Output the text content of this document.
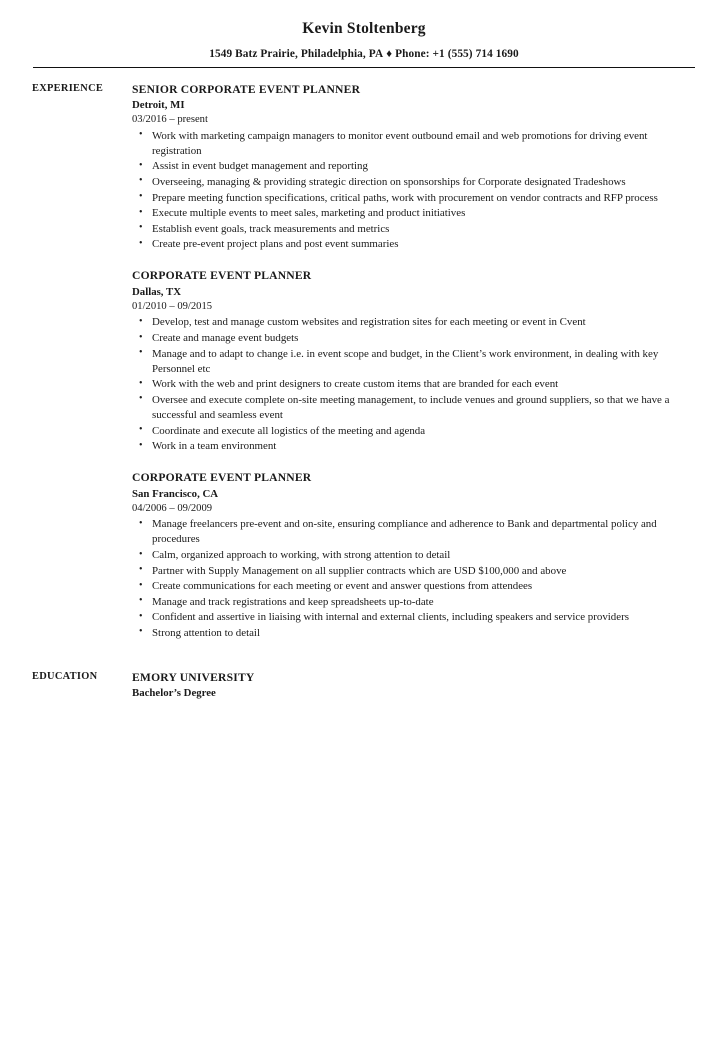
Kevin Stoltenberg
1549 Batz Prairie, Philadelphia, PA ♦ Phone: +1 (555) 714 1690
EXPERIENCE	SENIOR CORPORATE EVENT PLANNER
Detroit, MI
03/2016 – present
• Work with marketing campaign managers to monitor event outbound email and web promotions for driving event registration
• Assist in event budget management and reporting
• Overseeing, managing & providing strategic direction on sponsorships for Corporate designated Tradeshows
• Prepare meeting function specifications, critical paths, work with procurement on vendor contracts and RFP process
• Execute multiple events to meet sales, marketing and product initiatives
• Establish event goals, track measurements and metrics
• Create pre-event project plans and post event summaries
CORPORATE EVENT PLANNER
Dallas, TX
01/2010 – 09/2015
• Develop, test and manage custom websites and registration sites for each meeting or event in Cvent
• Create and manage event budgets
• Manage and to adapt to change i.e. in event scope and budget, in the Client’s work environment, in dealing with key Personnel etc
• Work with the web and print designers to create custom items that are branded for each event
• Oversee and execute complete on-site meeting management, to include venues and ground suppliers, so that we have a successful and seamless event
• Coordinate and execute all logistics of the meeting and agenda
• Work in a team environment
CORPORATE EVENT PLANNER
San Francisco, CA
04/2006 – 09/2009
• Manage freelancers pre-event and on-site, ensuring compliance and adherence to Bank and departmental policy and procedures
• Calm, organized approach to working, with strong attention to detail
• Partner with Supply Management on all supplier contracts which are USD $100,000 and above
• Create communications for each meeting or event and answer questions from attendees
• Manage and track registrations and keep spreadsheets up-to-date
• Confident and assertive in liaising with internal and external clients, including speakers and service providers
• Strong attention to detail
EDUCATION	EMORY UNIVERSITY
Bachelor’s Degree
